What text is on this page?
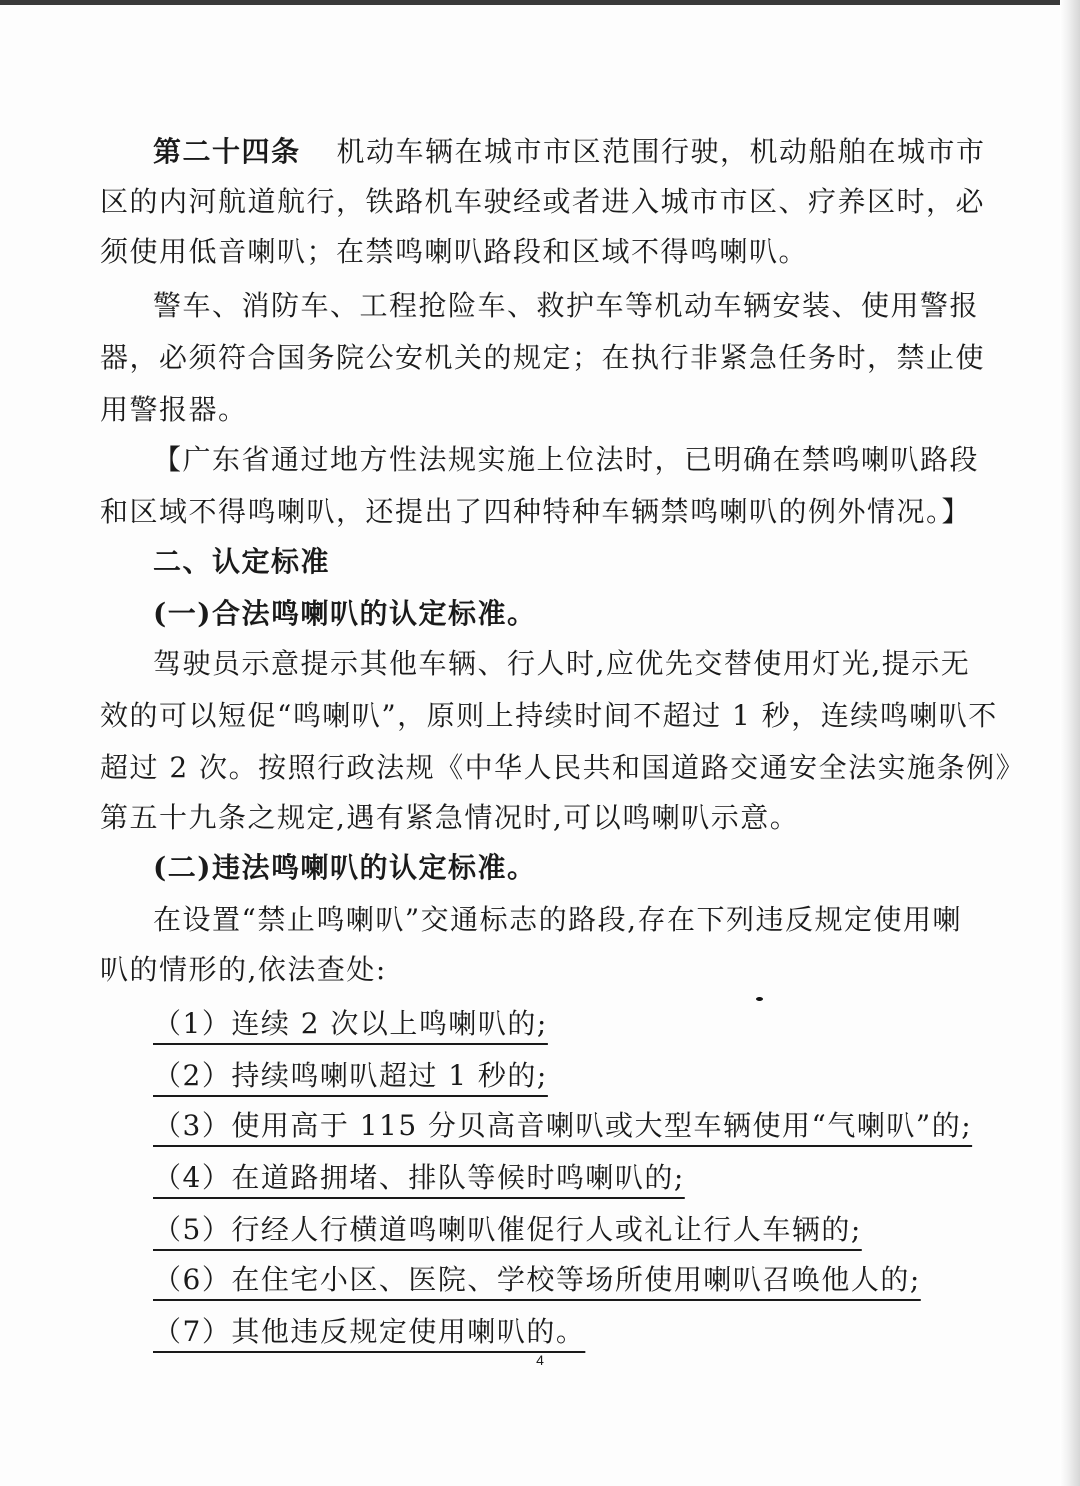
第二十四条 机动车辆在城市市区范围行驶，机动船舶在城市市
区的内河航道航行，铁路机车驶经或者进入城市市区、疗养区时，必
须使用低音喇叭；在禁鸣喇叭路段和区域不得鸣喇叭。
警车、消防车、工程抢险车、救护车等机动车辆安装、使用警报
器，必须符合国务院公安机关的规定；在执行非紧急任务时，禁止使
用警报器。
【广东省通过地方性法规实施上位法时，已明确在禁鸣喇叭路段
和区域不得鸣喇叭，还提出了四种特种车辆禁鸣喇叭的例外情况。】
二、认定标准
(一)合法鸣喇叭的认定标准。
驾驶员示意提示其他车辆、行人时,应优先交替使用灯光,提示无
效的可以短促“鸣喇叭”，原则上持续时间不超过 1 秒，连续鸣喇叭不
超过 2 次。按照行政法规《中华人民共和国道路交通安全法实施条例》
第五十九条之规定,遇有紧急情况时,可以鸣喇叭示意。
(二)违法鸣喇叭的认定标准。
在设置“禁止鸣喇叭”交通标志的路段,存在下列违反规定使用喇
叭的情形的,依法查处:
（1）连续 2 次以上鸣喇叭的;
（2）持续鸣喇叭超过 1 秒的;
（3）使用高于 115 分贝高音喇叭或大型车辆使用“气喇叭”的;
（4）在道路拥堵、排队等候时鸣喇叭的;
（5）行经人行横道鸣喇叭催促行人或礼让行人车辆的;
（6）在住宅小区、医院、学校等场所使用喇叭召唤他人的;
（7）其他违反规定使用喇叭的。
4
